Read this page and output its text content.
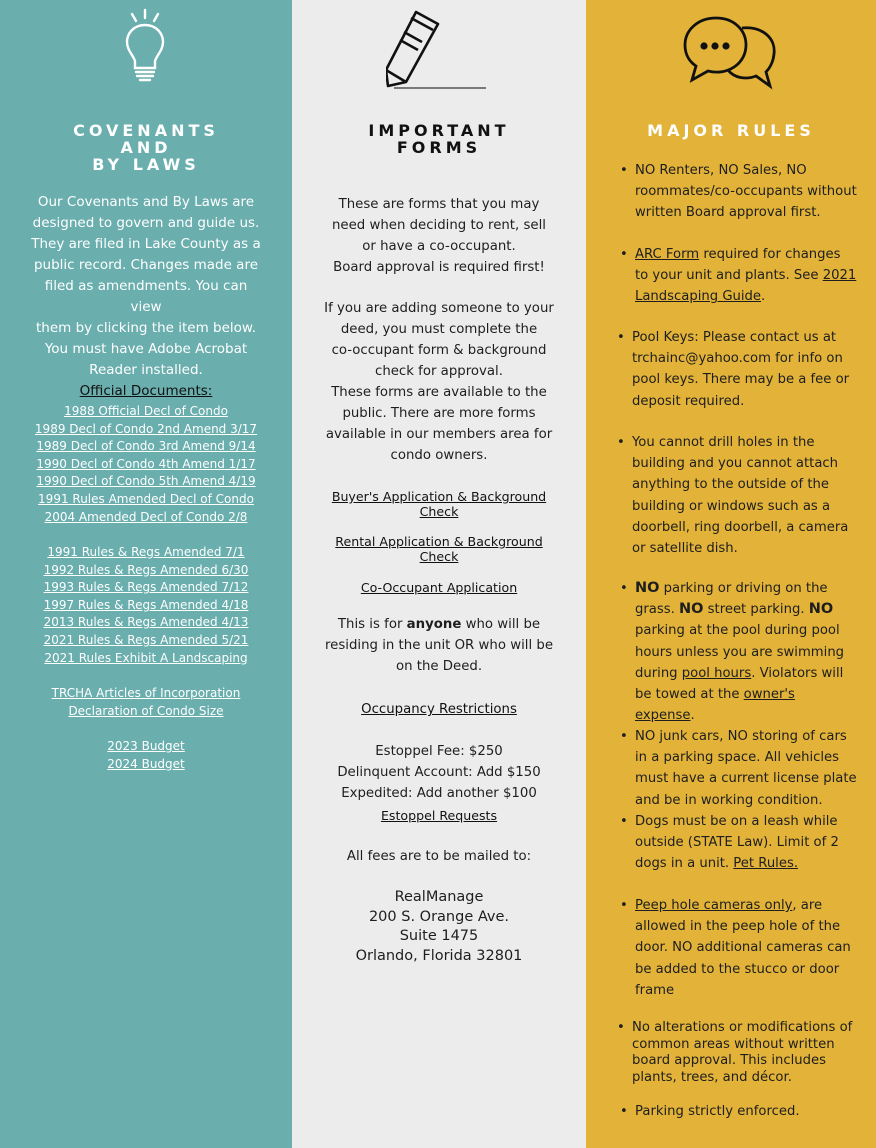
COVENANTS
AND
BY LAWS
Our Covenants and By Laws are
designed to govern and guide us.
They are filed in Lake County as a
public record. Changes made are
filed as amendments. You can view
them by clicking the item below.
You must have Adobe Acrobat
Reader installed.
Official Documents:
1988 Official Decl of Condo
1989 Decl of Condo 2nd Amend 3/17
1989 Decl of Condo 3rd Amend 9/14
1990 Decl of Condo 4th Amend 1/17
1990 Decl of Condo 5th Amend 4/19
1991 Rules Amended Decl of Condo
2004 Amended Decl of Condo 2/8
1991 Rules & Regs Amended 7/1
1992 Rules & Regs Amended 6/30
1993 Rules & Regs Amended 7/12
1997 Rules & Regs Amended 4/18
2013 Rules & Regs Amended 4/13
2021 Rules & Regs Amended 5/21
2021 Rules Exhibit A Landscaping
TRCHA Articles of Incorporation
Declaration of Condo Size
2023 Budget
2024 Budget
IMPORTANT
FORMS
These are forms that you may
need when deciding to rent, sell
or have a co-occupant.
Board approval is required first!
If you are adding someone to your
deed, you must complete the
co-occupant form & background
check for approval.
These forms are available to the
public. There are more forms
available in our members area for
condo owners.
Buyer's Application & Background
Check
Rental Application & Background
Check
Co-Occupant Application
This is for anyone who will be
residing in the unit OR who will be
on the Deed.
Occupancy Restrictions
Estoppel Fee: $250
Delinquent Account: Add $150
Expedited: Add another $100
Estoppel Requests
All fees are to be mailed to:
RealManage
200 S. Orange Ave.
Suite 1475
Orlando, Florida 32801
MAJOR RULES
• NO Renters, NO Sales, NO roommates/co-occupants without written Board approval first.
• ARC Form required for changes to your unit and plants. See 2021 Landscaping Guide.
• Pool Keys: Please contact us at trchainc@yahoo.com for info on pool keys. There may be a fee or deposit required.
• You cannot drill holes in the building and you cannot attach anything to the outside of the building or windows such as a doorbell, ring doorbell, a camera or satellite dish.
• NO parking or driving on the grass. NO street parking. NO parking at the pool during pool hours unless you are swimming during pool hours. Violators will be towed at the owner's expense.
• NO junk cars, NO storing of cars in a parking space. All vehicles must have a current license plate and be in working condition.
• Dogs must be on a leash while outside (STATE Law). Limit of 2 dogs in a unit. Pet Rules.
• Peep hole cameras only, are allowed in the peep hole of the door. NO additional cameras can be added to the stucco or door frame
• No alterations or modifications of common areas without written board approval. This includes plants, trees, and décor.
• Parking strictly enforced.
